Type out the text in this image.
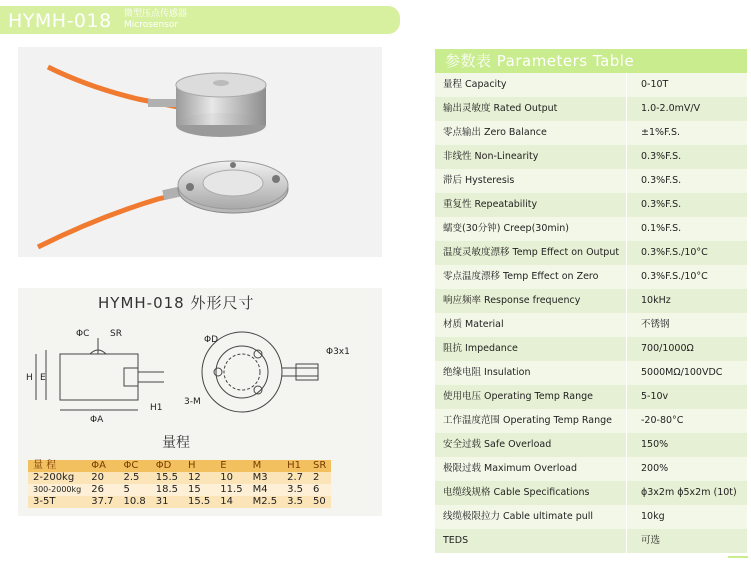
HYMH-018 微型压点传感器
Microsensor
HYMH-018 外形尺寸
ΦC SR
H E
ΦA
H1
ΦD
Φ3x1
3-M
量程
量 程	ΦA	ΦC	ΦD	H	E	M	H1	SR
2-200kg	20	2.5	15.5	12	10	M3	2.7	2
300-2000kg	26	5	18.5	15	11.5	M4	3.5	6
3-5T	37.7	10.8	31	15.5	14	M2.5	3.5	50
参数表 Parameters Table
量程 Capacity	0-10T
输出灵敏度 Rated Output	1.0-2.0mV/V
零点输出 Zero Balance	±1%F.S.
非线性 Non-Linearity	0.3%F.S.
滞后 Hysteresis	0.3%F.S.
重复性 Repeatability	0.3%F.S.
蠕变(30分钟) Creep(30min)	0.1%F.S.
温度灵敏度漂移 Temp Effect on Output	0.3%F.S./10°C
零点温度漂移 Temp Effect on Zero	0.3%F.S./10°C
响应频率 Response frequency	10kHz
材质 Material	不锈钢
阻抗 Impedance	700/1000Ω
绝缘电阻 Insulation	5000MΩ/100VDC
使用电压 Operating Temp Range	5-10v
工作温度范围 Operating Temp Range	-20-80°C
安全过载 Safe Overload	150%
极限过载 Maximum Overload	200%
电缆线规格 Cable Specifications	ϕ3x2m ϕ5x2m (10t)
线缆极限拉力 Cable ultimate pull	10kg
TEDS	可选
